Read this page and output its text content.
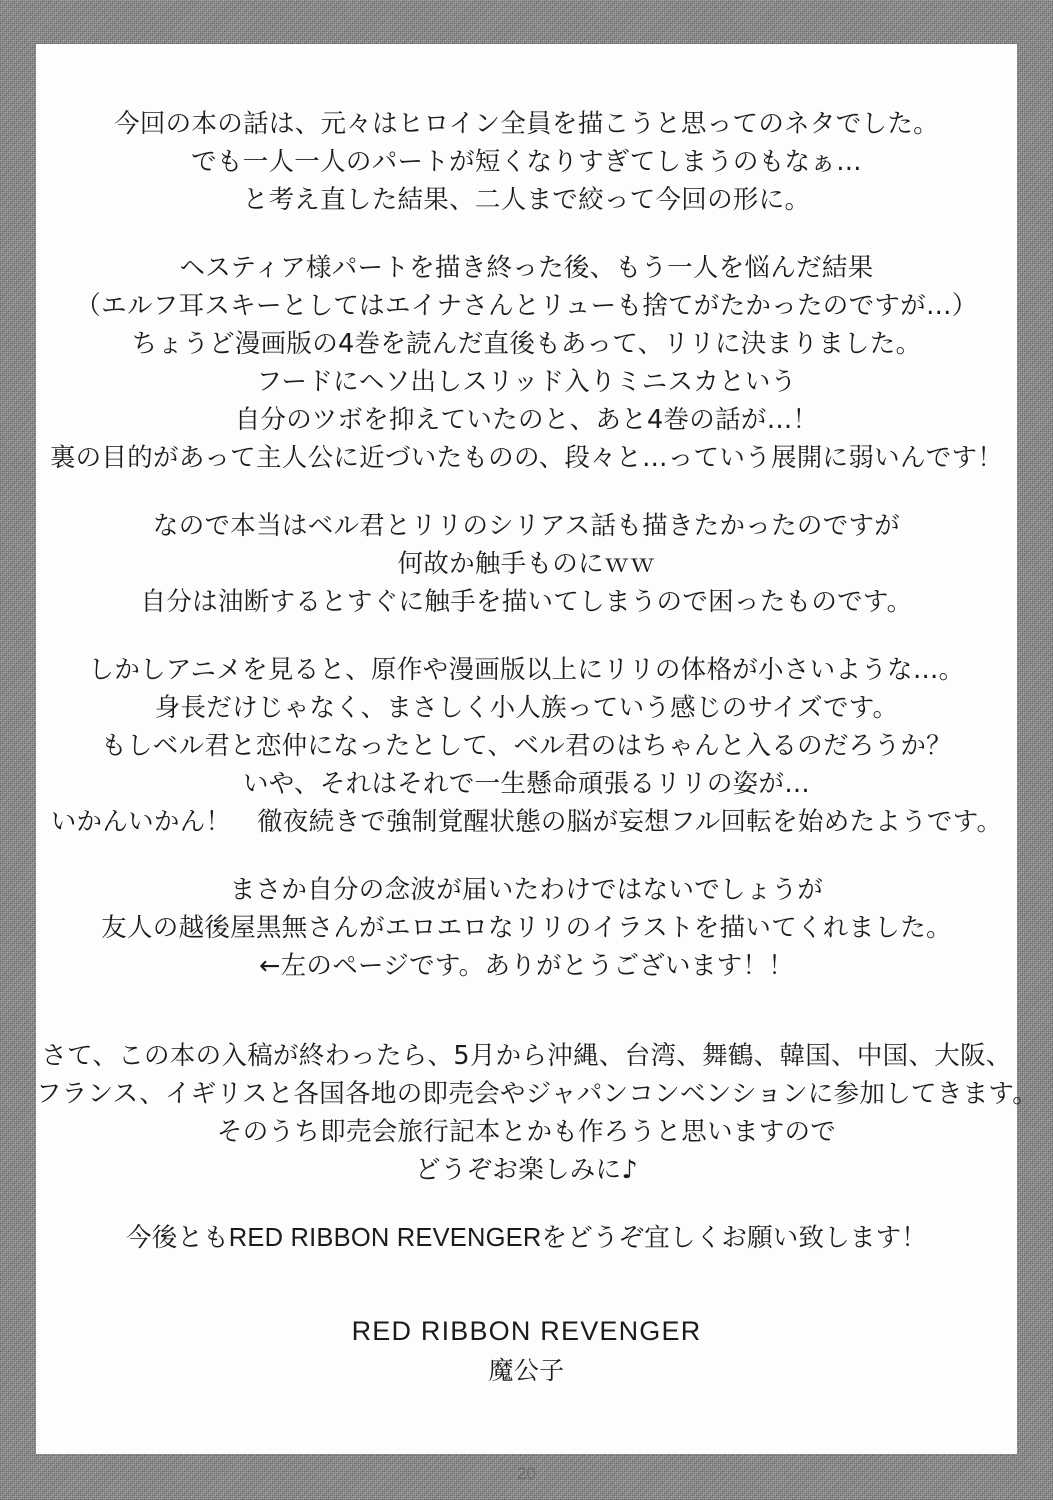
今回の本の話は、元々はヒロイン全員を描こうと思ってのネタでした。
でも一人一人のパートが短くなりすぎてしまうのもなぁ…
と考え直した結果、二人まで絞って今回の形に。
ヘスティア様パートを描き終った後、もう一人を悩んだ結果
（エルフ耳スキーとしてはエイナさんとリューも捨てがたかったのですが…）
ちょうど漫画版の4巻を読んだ直後もあって、リリに決まりました。
フードにヘソ出しスリッド入りミニスカという
自分のツボを抑えていたのと、あと4巻の話が…！
裏の目的があって主人公に近づいたものの、段々と…っていう展開に弱いんです！
なので本当はベル君とリリのシリアス話も描きたかったのですが
何故か触手ものにｗｗ
自分は油断するとすぐに触手を描いてしまうので困ったものです。
しかしアニメを見ると、原作や漫画版以上にリリの体格が小さいような…。
身長だけじゃなく、まさしく小人族っていう感じのサイズです。
もしベル君と恋仲になったとして、ベル君のはちゃんと入るのだろうか？
いや、それはそれで一生懸命頑張るリリの姿が…
いかんいかん！　徹夜続きで強制覚醒状態の脳が妄想フル回転を始めたようです。
まさか自分の念波が届いたわけではないでしょうが
友人の越後屋黒無さんがエロエロなリリのイラストを描いてくれました。
←左のページです。ありがとうございます！！
さて、この本の入稿が終わったら、5月から沖縄、台湾、舞鶴、韓国、中国、大阪、
フランス、イギリスと各国各地の即売会やジャパンコンベンションに参加してきます。
そのうち即売会旅行記本とかも作ろうと思いますので
どうぞお楽しみに♪
今後ともRED RIBBON REVENGERをどうぞ宜しくお願い致します！
RED RIBBON REVENGER
魔公子
20
